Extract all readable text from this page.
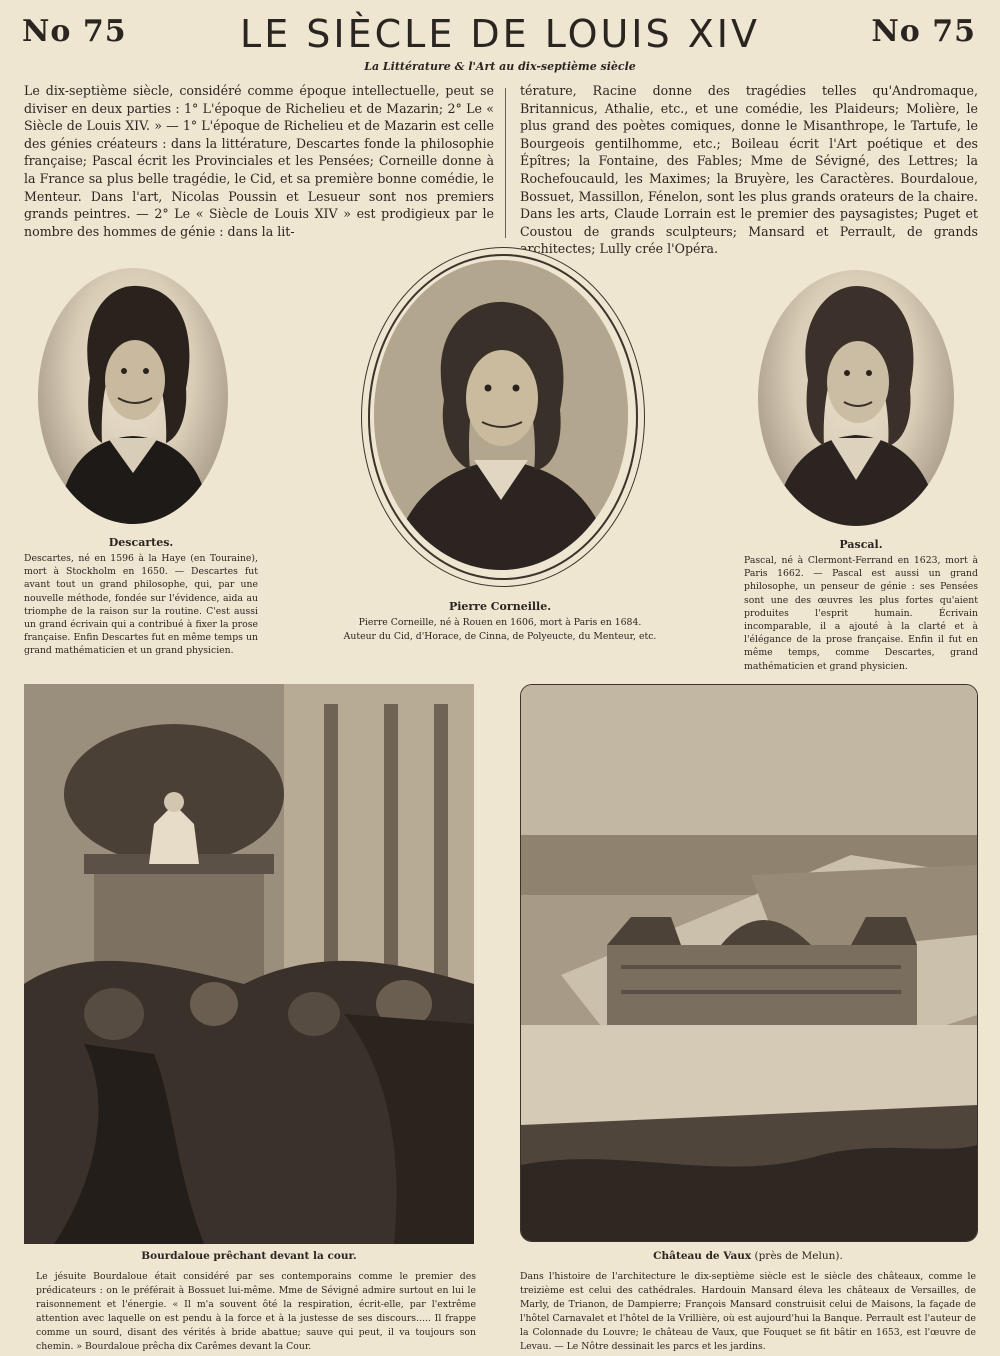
No 75	LE SIÈCLE DE LOUIS XIV	No 75
La Littérature & l'Art au dix-septième siècle
Le dix-septième siècle, considéré comme époque intellectuelle, peut se diviser en deux parties : 1° L'époque de Richelieu et de Mazarin; 2° Le « Siècle de Louis XIV. » — 1° L'époque de Richelieu et de Mazarin est celle des génies créateurs : dans la littérature, Descartes fonde la philosophie française; Pascal écrit les Provinciales et les Pensées; Corneille donne à la France sa plus belle tragédie, le Cid, et sa première bonne comédie, le Menteur. Dans l'art, Nicolas Poussin et Lesueur sont nos premiers grands peintres. — 2° Le « Siècle de Louis XIV » est prodigieux par le nombre des hommes de génie : dans la lit-
térature, Racine donne des tragédies telles qu'Andromaque, Britannicus, Athalie, etc., et une comédie, les Plaideurs; Molière, le plus grand des poètes comiques, donne le Misanthrope, le Tartufe, le Bourgeois gentilhomme, etc.; Boileau écrit l'Art poétique et des Épîtres; la Fontaine, des Fables; Mme de Sévigné, des Lettres; la Rochefoucauld, les Maximes; la Bruyère, les Caractères. Bourdaloue, Bossuet, Massillon, Fénelon, sont les plus grands orateurs de la chaire. Dans les arts, Claude Lorrain est le premier des paysagistes; Puget et Coustou de grands sculpteurs; Mansard et Perrault, de grands architectes; Lully crée l'Opéra.
Descartes.
Descartes, né en 1596 à la Haye (en Touraine), mort à Stockholm en 1650. — Descartes fut avant tout un grand philosophe, qui, par une nouvelle méthode, fondée sur l'évidence, aida au triomphe de la raison sur la routine. C'est aussi un grand écrivain qui a contribué à fixer la prose française. Enfin Descartes fut en même temps un grand mathématicien et un grand physicien.
Pierre Corneille.
Pierre Corneille, né à Rouen en 1606, mort à Paris en 1684.
Auteur du Cid, d'Horace, de Cinna, de Polyeucte, du Menteur, etc.
Pascal.
Pascal, né à Clermont-Ferrand en 1623, mort à Paris 1662. — Pascal est aussi un grand philosophe, un penseur de génie : ses Pensées sont une des œuvres les plus fortes qu'aient produites l'esprit humain. Écrivain incomparable, il a ajouté à la clarté et à l'élégance de la prose française. Enfin il fut en même temps, comme Descartes, grand mathématicien et grand physicien.
Bourdaloue prêchant devant la cour.
Le jésuite Bourdaloue était considéré par ses contemporains comme le premier des prédicateurs : on le préférait à Bossuet lui-même. Mme de Sévigné admire surtout en lui le raisonnement et l'énergie. « Il m'a souvent ôté la respiration, écrit-elle, par l'extrême attention avec laquelle on est pendu à la force et à la justesse de ses discours..... Il frappe comme un sourd, disant des vérités à bride abattue; sauve qui peut, il va toujours son chemin. » Bourdaloue prêcha dix Carêmes devant la Cour.
Château de Vaux (près de Melun).
Dans l'histoire de l'architecture le dix-septième siècle est le siècle des châteaux, comme le treizième est celui des cathédrales. Hardouin Mansard éleva les châteaux de Versailles, de Marly, de Trianon, de Dampierre; François Mansard construisit celui de Maisons, la façade de l'hôtel Carnavalet et l'hôtel de la Vrillière, où est aujourd'hui la Banque. Perrault est l'auteur de la Colonnade du Louvre; le château de Vaux, que Fouquet se fit bâtir en 1653, est l'œuvre de Levau. — Le Nôtre dessinait les parcs et les jardins.
